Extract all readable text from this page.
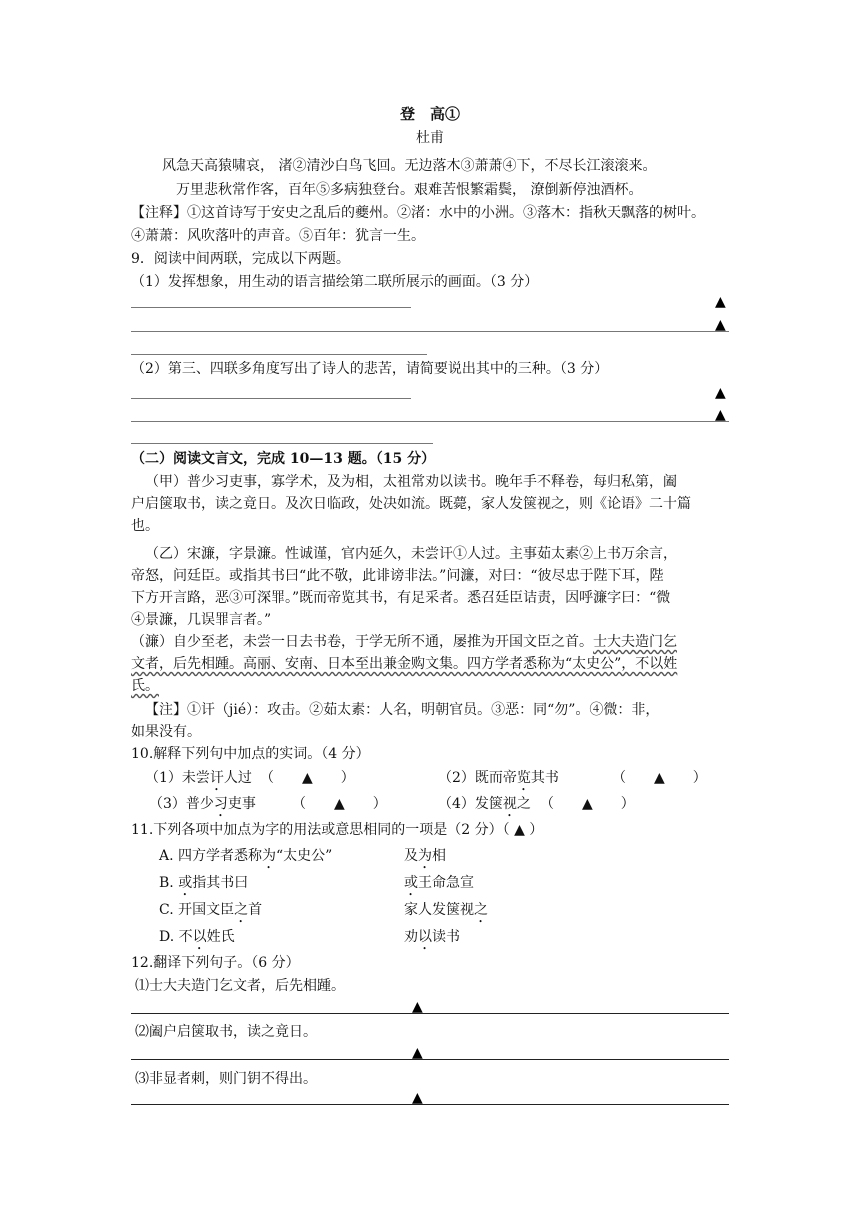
登　高①
杜甫
风急天高猿啸哀， 渚②清沙白鸟飞回。无边落木③萧萧④下，不尽长江滚滚来。
万里悲秋常作客，百年⑤多病独登台。艰难苦恨繁霜鬓， 潦倒新停浊酒杯。
【注释】①这首诗写于安史之乱后的夔州。②渚：水中的小洲。③落木：指秋天飘落的树叶。
④萧萧：风吹落叶的声音。⑤百年：犹言一生。
9．阅读中间两联，完成以下两题。
（1）发挥想象，用生动的语言描绘第二联所展示的画面。（3 分）
▲
▲
（2）第三、四联多角度写出了诗人的悲苦，请简要说出其中的三种。（3 分）
▲
▲
（二）阅读文言文，完成 10—13 题。（15 分）
（甲）普少习吏事，寡学术，及为相，太祖常劝以读书。晚年手不释卷，每归私第，阖
户启箧取书，读之竟日。及次日临政，处决如流。既薨，家人发箧视之，则《论语》二十篇
也。
（乙）宋濂，字景濂。性诚谨，官内延久，未尝讦①人过。主事茹太素②上书万余言，
帝怒，问廷臣。或指其书曰“此不敬，此诽谤非法。”问濂，对曰：“彼尽忠于陛下耳，陛
下方开言路，恶③可深罪。”既而帝览其书，有足采者。悉召廷臣诘责，因呼濂字曰：“微
④景濂，几误罪言者。”
（濂）自少至老，未尝一日去书卷，于学无所不通，屡推为开国文臣之首。士大夫造门乞
文者，后先相踵。高丽、安南、日本至出兼金购文集。四方学者悉称为“太史公”，不以姓
氏。
【注】①讦（jié）：攻击。②茹太素：人名，明朝官员。③恶：同“勿”。④微：非，
如果没有。
10.解释下列句中加点的实词。（4 分）
（1）未尝讦人过 （　　▲　　）	（2）既而帝览其书	（　　▲　　）
（3）普少习吏事	（　　▲　　）	（4）发箧视之 （　　▲　　）
11.下列各项中加点为字的用法或意思相同的一项是（2 分）（ ▲ ）
A. 四方学者悉称为“太史公”	及为相
B. 或指其书曰	或王命急宣
C. 开国文臣之首	家人发箧视之
D. 不以姓氏	劝以读书
12.翻译下列句子。（6 分）
⑴士大夫造门乞文者，后先相踵。
▲
⑵阖户启箧取书，读之竟日。
▲
⑶非显者刺，则门钥不得出。
▲
